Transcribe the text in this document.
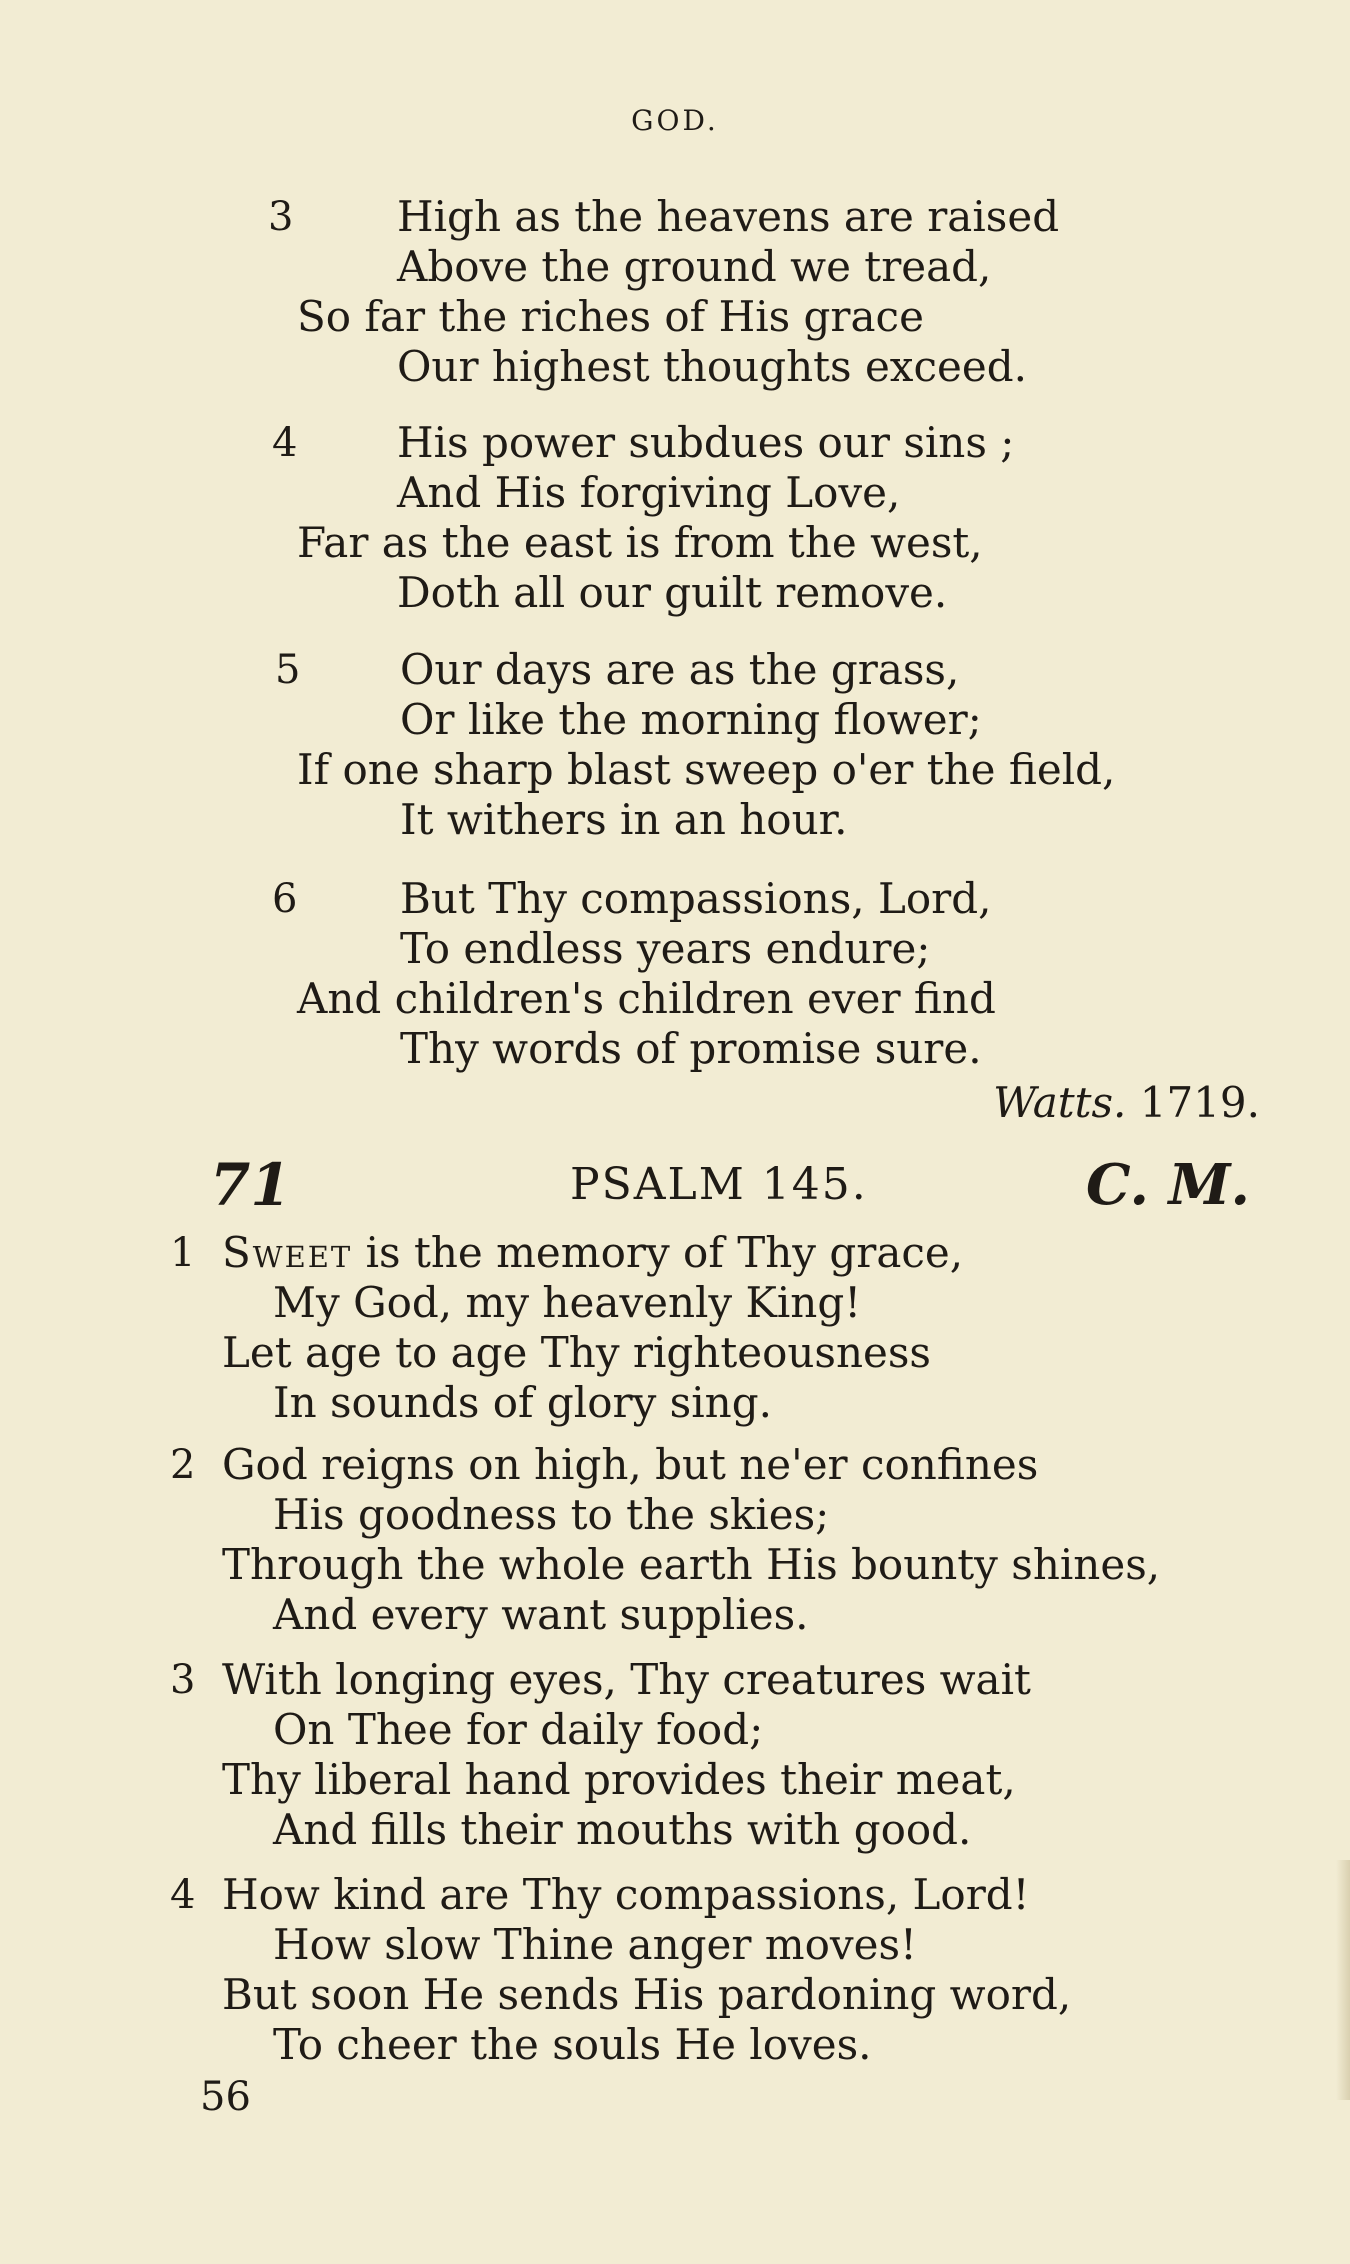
GOD.
3 High as the heavens are raised
Above the ground we tread,
So far the riches of His grace
Our highest thoughts exceed.
4 His power subdues our sins ;
And His forgiving Love,
Far as the east is from the west,
Doth all our guilt remove.
5 Our days are as the grass,
Or like the morning flower;
If one sharp blast sweep o'er the field,
It withers in an hour.
6 But Thy compassions, Lord,
To endless years endure;
And children's children ever find
Thy words of promise sure.
Watts. 1719.
71	PSALM 145.	C. M.
1 Sweet is the memory of Thy grace,
My God, my heavenly King!
Let age to age Thy righteousness
In sounds of glory sing.
2 God reigns on high, but ne'er confines
His goodness to the skies;
Through the whole earth His bounty shines,
And every want supplies.
3 With longing eyes, Thy creatures wait
On Thee for daily food;
Thy liberal hand provides their meat,
And fills their mouths with good.
4 How kind are Thy compassions, Lord!
How slow Thine anger moves!
But soon He sends His pardoning word,
To cheer the souls He loves.
56
